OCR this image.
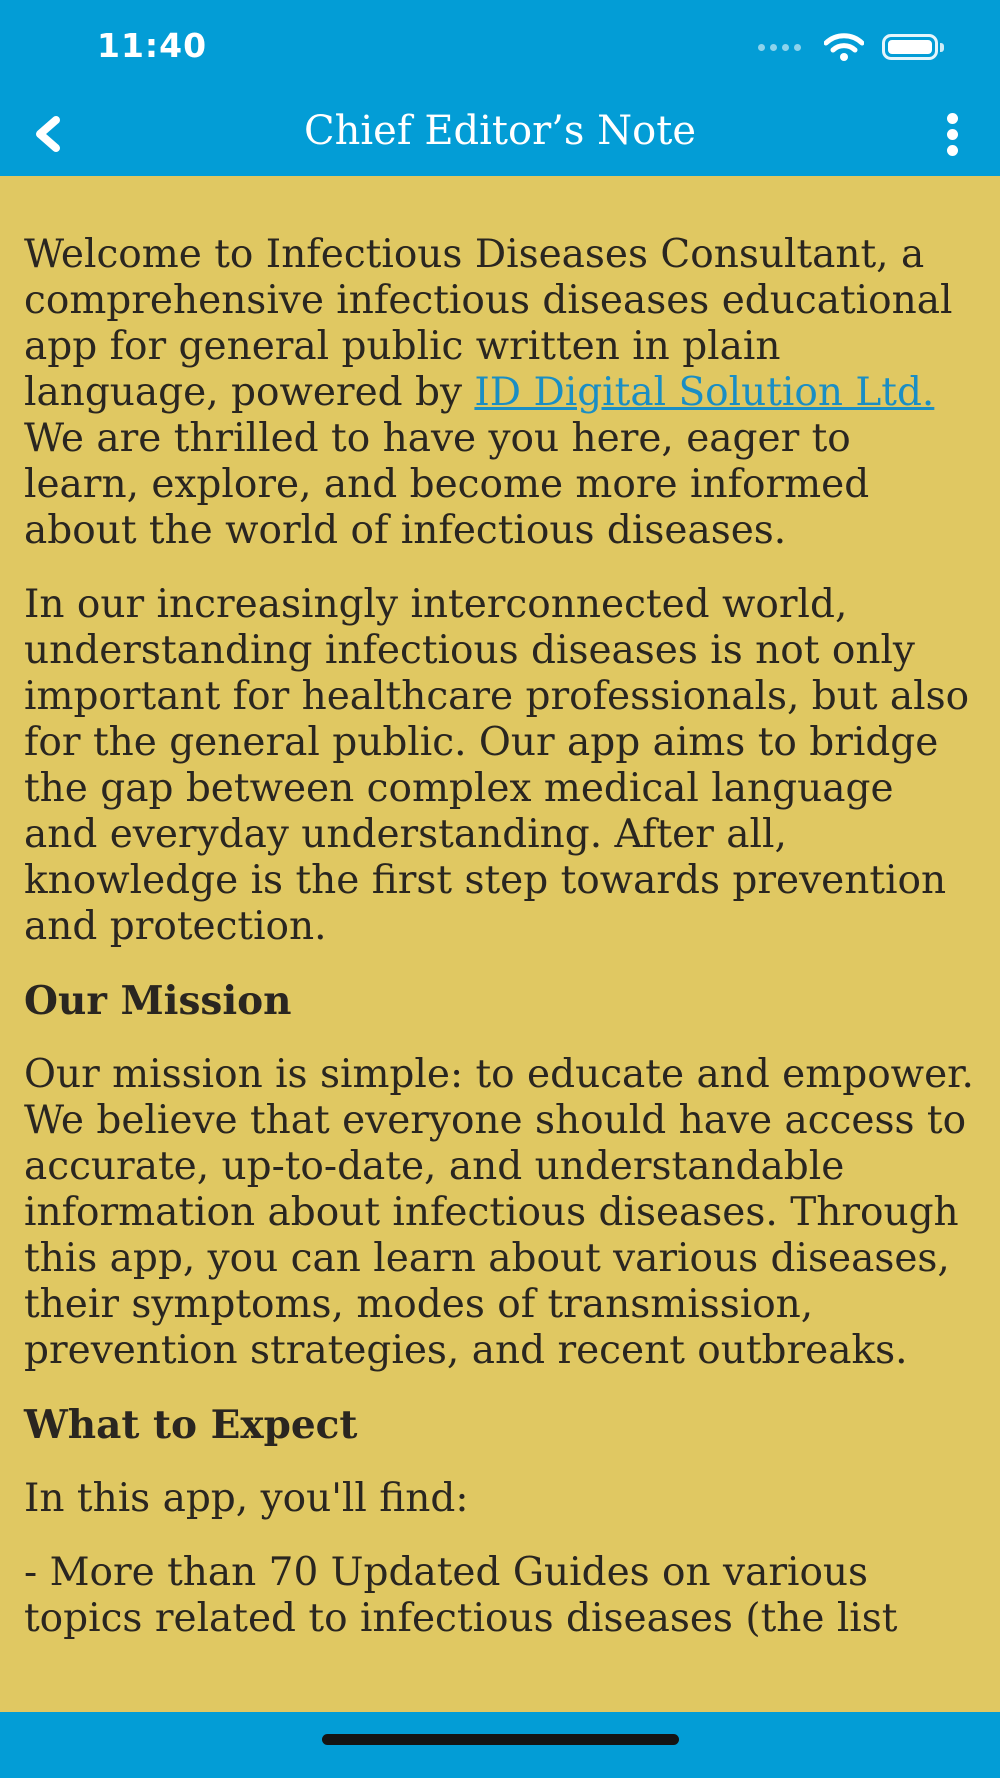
11:40
Chief Editor’s Note

Welcome to Infectious Diseases Consultant, a comprehensive infectious diseases educational app for general public written in plain language, powered by ID Digital Solution Ltd. We are thrilled to have you here, eager to learn, explore, and become more informed about the world of infectious diseases.

In our increasingly interconnected world, understanding infectious diseases is not only important for healthcare professionals, but also for the general public. Our app aims to bridge the gap between complex medical language and everyday understanding. After all, knowledge is the first step towards prevention and protection.

Our Mission

Our mission is simple: to educate and empower. We believe that everyone should have access to accurate, up-to-date, and understandable information about infectious diseases. Through this app, you can learn about various diseases, their symptoms, modes of transmission, prevention strategies, and recent outbreaks.

What to Expect

In this app, you'll find:

- More than 70 Updated Guides on various topics related to infectious diseases (the list
